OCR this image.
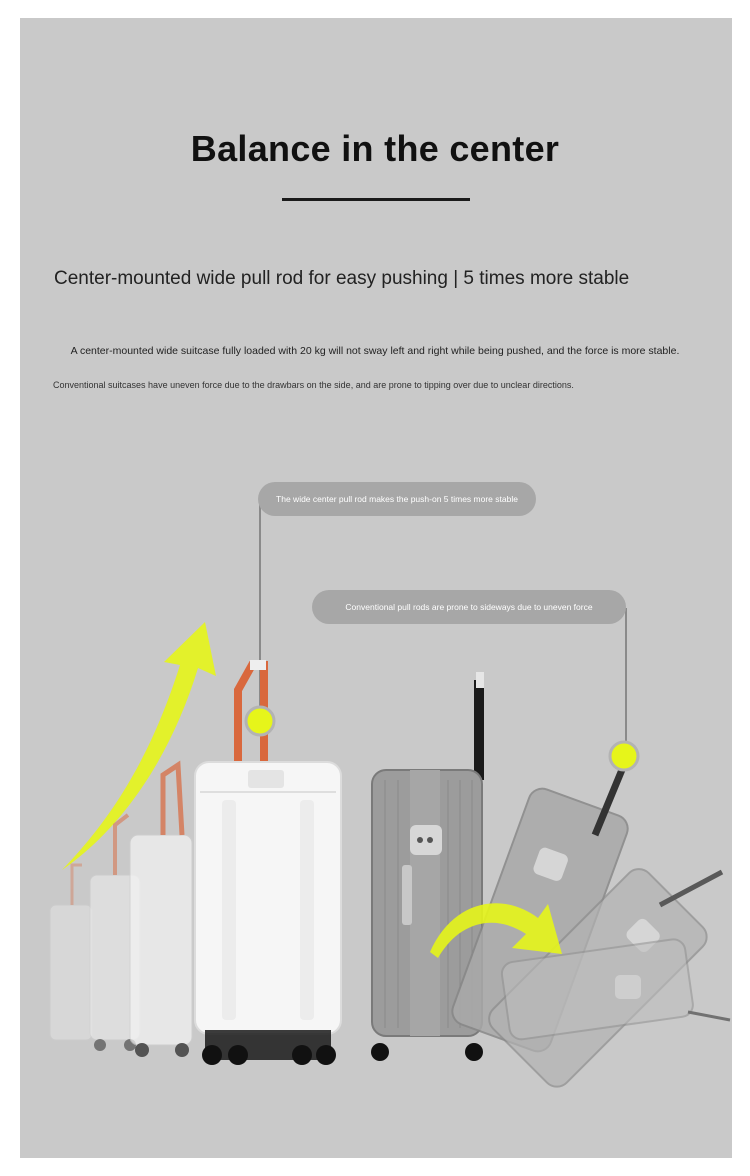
Balance in the center
Center-mounted wide pull rod for easy pushing | 5 times more stable
A center-mounted wide suitcase fully loaded with 20 kg will not sway left and right while being pushed, and the force is more stable.
Conventional suitcases have uneven force due to the drawbars on the side, and are prone to tipping over due to unclear directions.
The wide center pull rod makes the push-on 5 times more stable
Conventional pull rods are prone to sideways due to uneven force
